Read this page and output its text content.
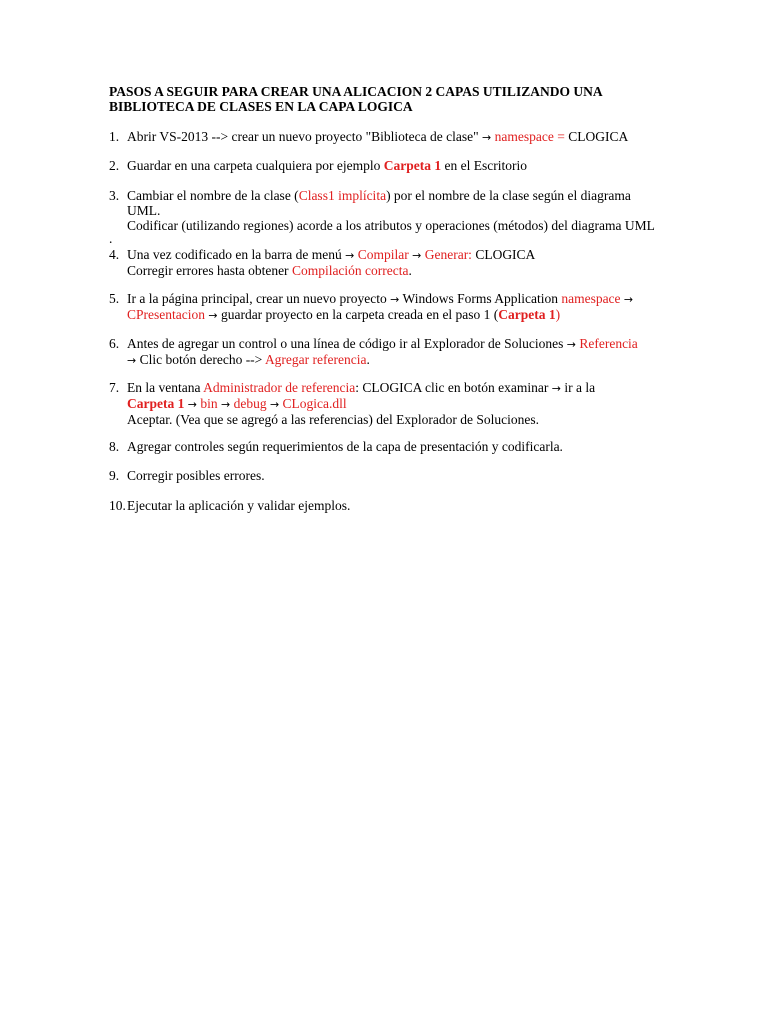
PASOS A SEGUIR PARA CREAR UNA ALICACION 2 CAPAS UTILIZANDO UNA
BIBLIOTECA DE CLASES EN LA CAPA LOGICA
1. Abrir VS-2013 --> crear un nuevo proyecto "Biblioteca de clase" → namespace = CLOGICA
2. Guardar en una carpeta cualquiera por ejemplo Carpeta 1 en el Escritorio
3. Cambiar el nombre de la clase (Class1 implícita) por el nombre de la clase según el diagrama
UML.
Codificar (utilizando regiones) acorde a los atributos y operaciones (métodos) del diagrama UML
.
4. Una vez codificado en la barra de menú → Compilar → Generar: CLOGICA
Corregir errores hasta obtener Compilación correcta.
5. Ir a la página principal, crear un nuevo proyecto → Windows Forms Application namespace →
CPresentacion → guardar proyecto en la carpeta creada en el paso 1 (Carpeta 1)
6. Antes de agregar un control o una línea de código ir al Explorador de Soluciones → Referencia
→ Clic botón derecho --> Agregar referencia.
7. En la ventana Administrador de referencia: CLOGICA clic en botón examinar → ir a la
Carpeta 1 → bin → debug → CLogica.dll
Aceptar. (Vea que se agregó a las referencias) del Explorador de Soluciones.
8. Agregar controles según requerimientos de la capa de presentación y codificarla.
9. Corregir posibles errores.
10. Ejecutar la aplicación y validar ejemplos.
